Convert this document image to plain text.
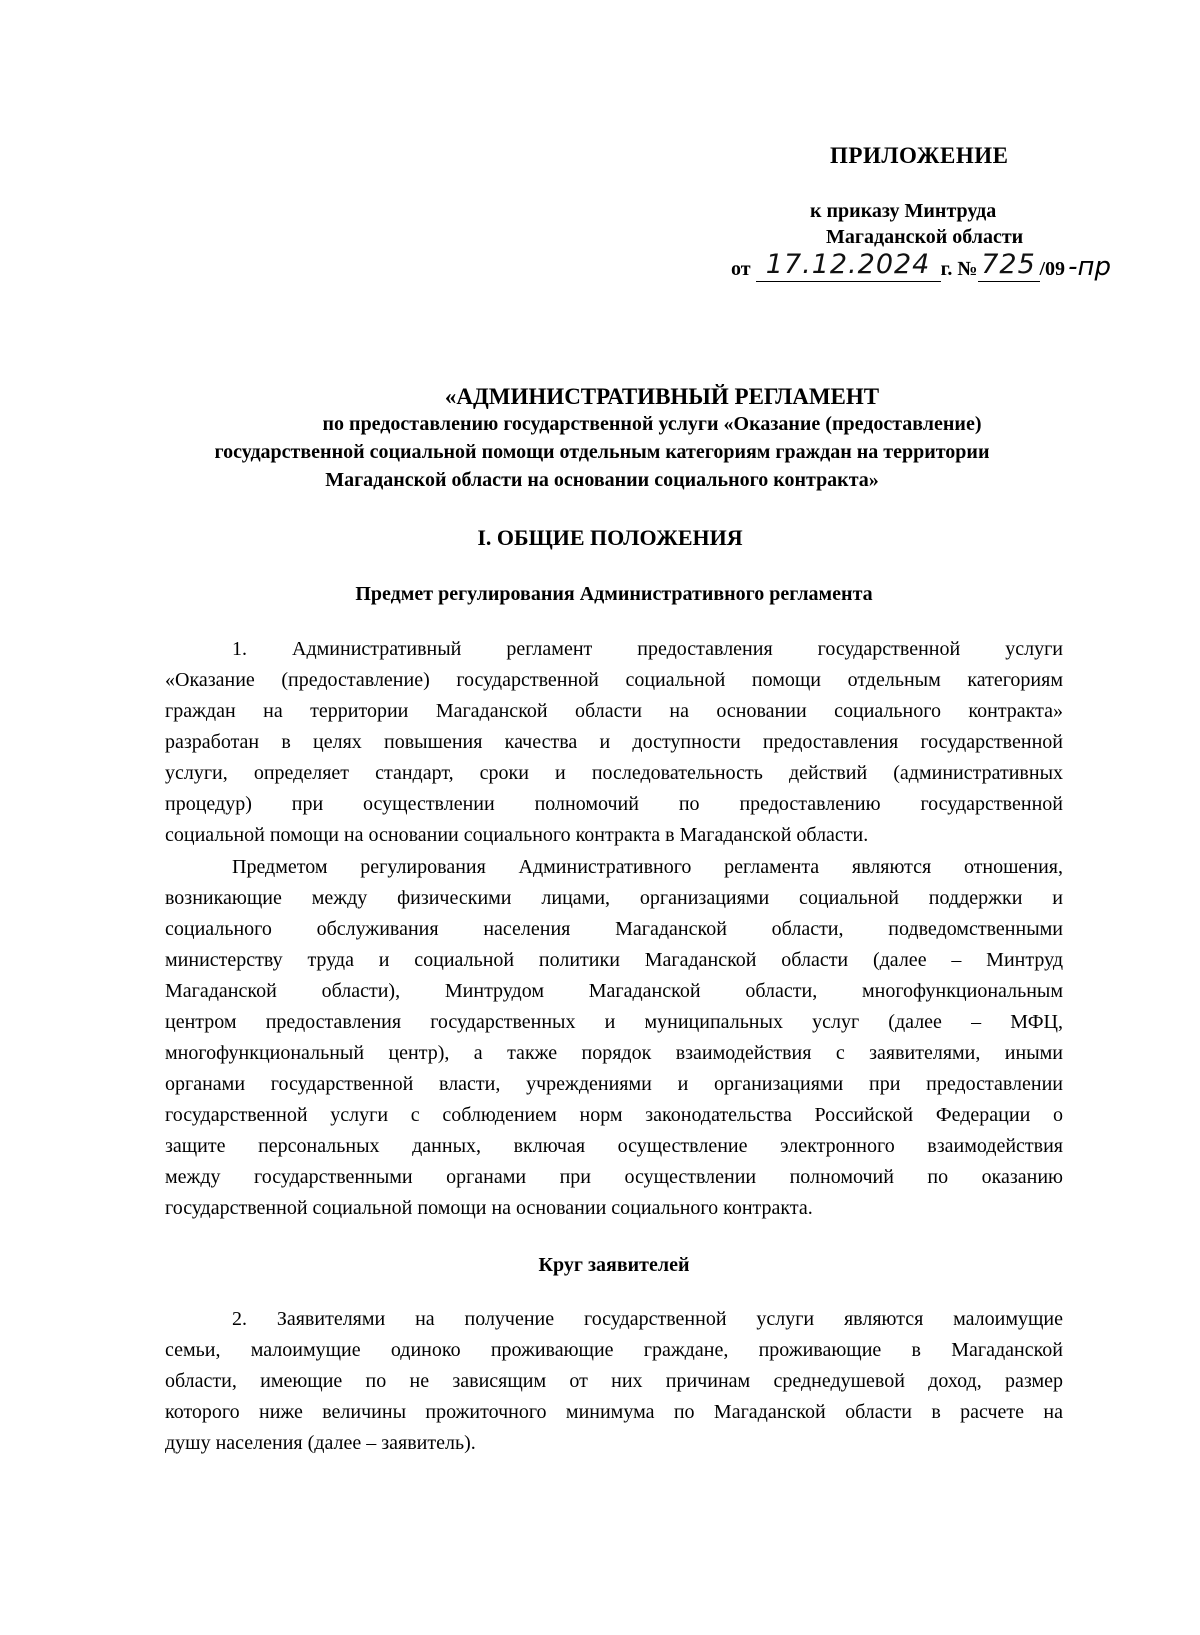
ПРИЛОЖЕНИЕ
к приказу Минтруда
Магаданской области
от 17.12.2024 г. № 725 /09 -пр
«АДМИНИСТРАТИВНЫЙ РЕГЛАМЕНТ
по предоставлению государственной услуги «Оказание (предоставление)
государственной социальной помощи отдельным категориям граждан на территории
Магаданской области на основании социального контракта»
I. ОБЩИЕ ПОЛОЖЕНИЯ
Предмет регулирования Административного регламента
1. Административный регламент предоставления государственной услуги
«Оказание (предоставление) государственной социальной помощи отдельным категориям
граждан на территории Магаданской области на основании социального контракта»
разработан в целях повышения качества и доступности предоставления государственной
услуги, определяет стандарт, сроки и последовательность действий (административных
процедур) при осуществлении полномочий по предоставлению государственной
социальной помощи на основании социального контракта в Магаданской области.
Предметом регулирования Административного регламента являются отношения,
возникающие между физическими лицами, организациями социальной поддержки и
социального обслуживания населения Магаданской области, подведомственными
министерству труда и социальной политики Магаданской области (далее – Минтруд
Магаданской области), Минтрудом Магаданской области, многофункциональным
центром предоставления государственных и муниципальных услуг (далее – МФЦ,
многофункциональный центр), а также порядок взаимодействия с заявителями, иными
органами государственной власти, учреждениями и организациями при предоставлении
государственной услуги с соблюдением норм законодательства Российской Федерации о
защите персональных данных, включая осуществление электронного взаимодействия
между государственными органами при осуществлении полномочий по оказанию
государственной социальной помощи на основании социального контракта.
Круг заявителей
2. Заявителями на получение государственной услуги являются малоимущие
семьи, малоимущие одиноко проживающие граждане, проживающие в Магаданской
области, имеющие по не зависящим от них причинам среднедушевой доход, размер
которого ниже величины прожиточного минимума по Магаданской области в расчете на
душу населения (далее – заявитель).
